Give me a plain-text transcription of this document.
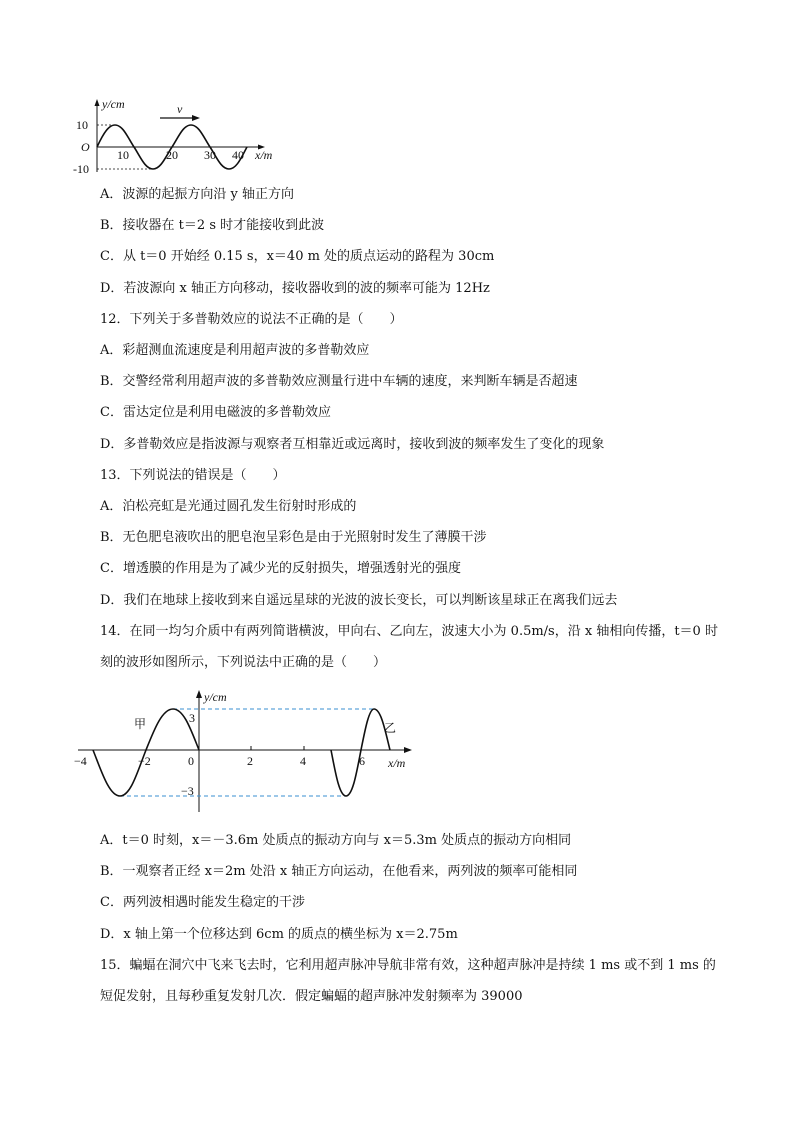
y/cm	v
10
O
-10
10	20 30 40 x/m
A．波源的起振方向沿 y 轴正方向
B．接收器在 t＝2 s 时才能接收到此波
C．从 t＝0 开始经 0.15 s，x＝40 m 处的质点运动的路程为 30cm
D．若波源向 x 轴正方向移动，接收器收到的波的频率可能为 12Hz
12．下列关于多普勒效应的说法不正确的是（　　）
A．彩超测血流速度是利用超声波的多普勒效应
B．交警经常利用超声波的多普勒效应测量行进中车辆的速度，来判断车辆是否超速
C．雷达定位是利用电磁波的多普勒效应
D．多普勒效应是指波源与观察者互相靠近或远离时，接收到波的频率发生了变化的现象
13．下列说法的错误是（　　）
A．泊松亮虹是光通过圆孔发生衍射时形成的
B．无色肥皂液吹出的肥皂泡呈彩色是由于光照射时发生了薄膜干涉
C．增透膜的作用是为了减少光的反射损失，增强透射光的强度
D．我们在地球上接收到来自遥远星球的光波的波长变长，可以判断该星球正在离我们远去
14．在同一均匀介质中有两列简谐横波，甲向右、乙向左，波速大小为 0.5m/s，沿 x 轴相向传播，t＝0 时
刻的波形如图所示，下列说法中正确的是（　　）
y/cm
3
−3
0
−4	−2	2	4	6 x/m
甲	乙
A．t＝0 时刻，x＝－3.6m 处质点的振动方向与 x＝5.3m 处质点的振动方向相同
B．一观察者正经 x＝2m 处沿 x 轴正方向运动，在他看来，两列波的频率可能相同
C．两列波相遇时能发生稳定的干涉
D．x 轴上第一个位移达到 6cm 的质点的横坐标为 x＝2.75m
15．蝙蝠在洞穴中飞来飞去时，它利用超声脉冲导航非常有效，这种超声脉冲是持续 1 ms 或不到 1 ms 的
短促发射，且每秒重复发射几次．假定蝙蝠的超声脉冲发射频率为 39000
